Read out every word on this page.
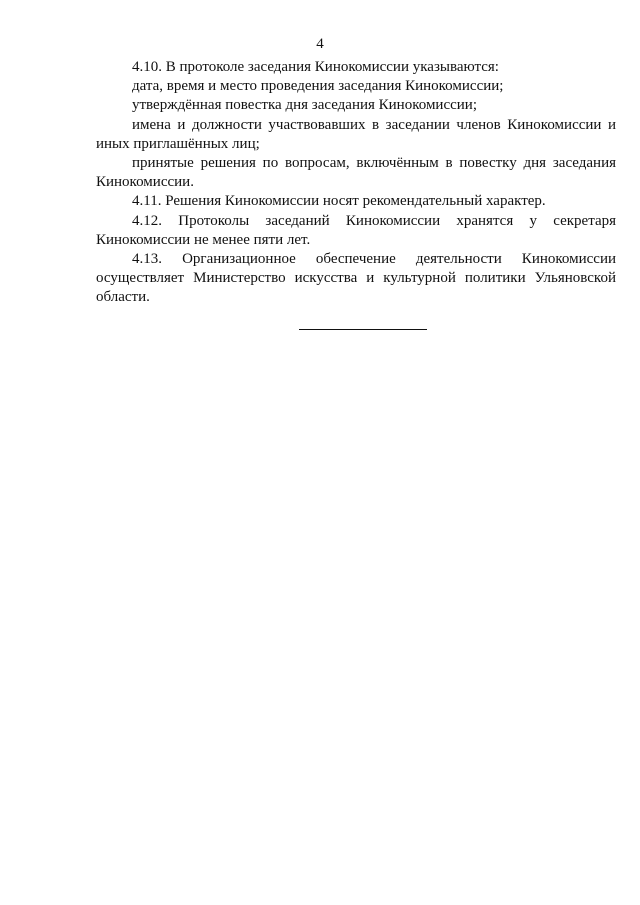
4

4.10. В протоколе заседания Кинокомиссии указываются:

дата, время и место проведения заседания Кинокомиссии;

утверждённая повестка дня заседания Кинокомиссии;

имена и должности участвовавших в заседании членов Кинокомиссии и иных приглашённых лиц;

принятые решения по вопросам, включённым в повестку дня заседания Кинокомиссии.

4.11. Решения Кинокомиссии носят рекомендательный характер.

4.12. Протоколы заседаний Кинокомиссии хранятся у секретаря Кинокомиссии не менее пяти лет.

4.13. Организационное обеспечение деятельности Кинокомиссии осуществляет Министерство искусства и культурной политики Ульяновской области.
